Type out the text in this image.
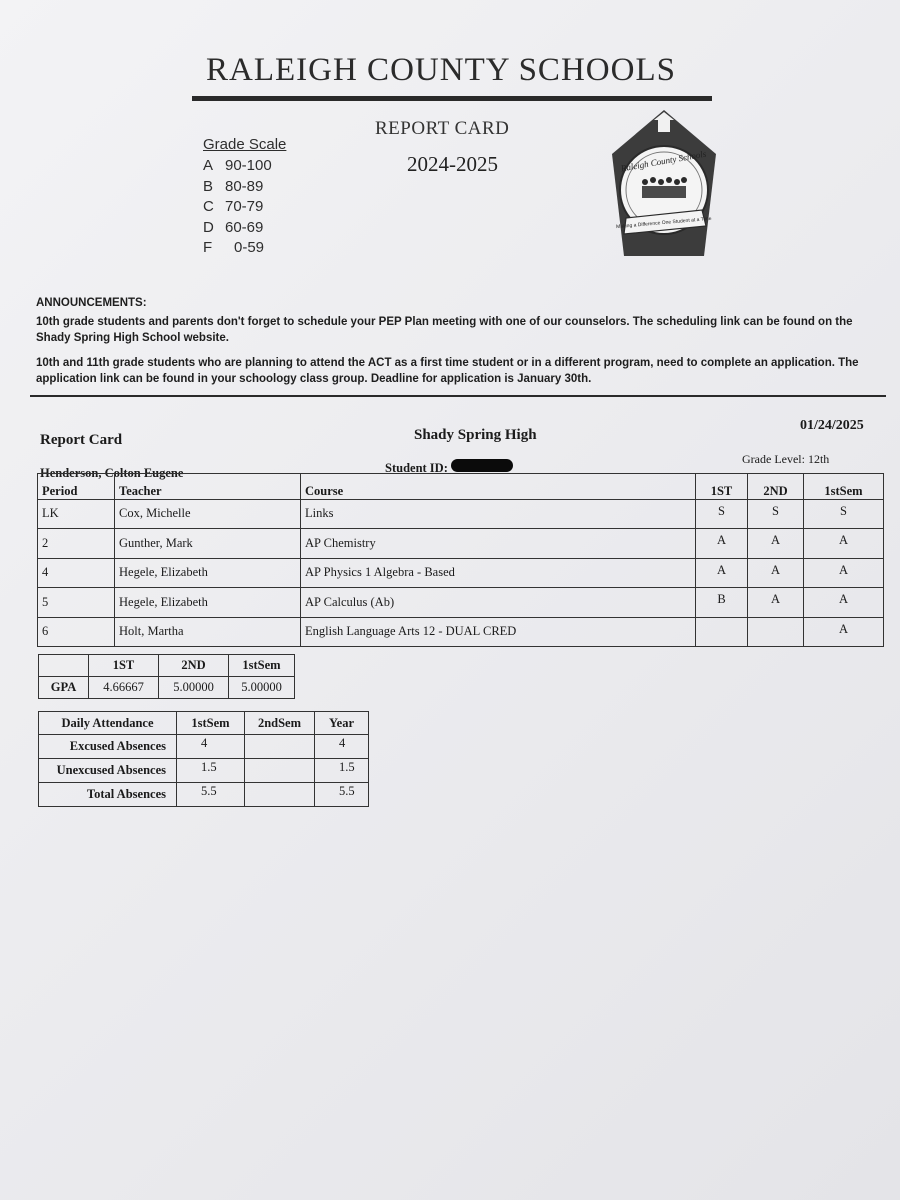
RALEIGH COUNTY SCHOOLS
Grade Scale
A 90-100
B 80-89
C 70-79
D 60-69
F	0-59
REPORT CARD
2024-2025
Making a Difference One Student at a Time
Raleigh County Schools
ANNOUNCEMENTS:
10th grade students and parents don't forget to schedule your PEP Plan meeting with one of our counselors. The scheduling link can be found on the Shady Spring High School website.
10th and 11th grade students who are planning to attend the ACT as a first time student or in a different program, need to complete an application. The application link can be found in your schoology class group. Deadline for application is January 30th.
Report Card	Shady Spring High
01/24/2025
Grade Level: 12th
Henderson, Colton Eugene	Student ID:
Period	Teacher	Course	1ST	2ND	1stSem
LK	Cox, Michelle	Links	S	S	S
2	Gunther, Mark	AP Chemistry	A	A	A
4	Hegele, Elizabeth	AP Physics 1 Algebra - Based	A	A	A
5	Hegele, Elizabeth	AP Calculus (Ab)	B	A	A
6	Holt, Martha	English Language Arts 12 - DUAL CRED			A
	1ST	2ND	1stSem
GPA	4.66667	5.00000	5.00000
Daily Attendance	1stSem	2ndSem	Year
Excused Absences	4		4
Unexcused Absences	1.5		1.5
Total Absences	5.5		5.5
